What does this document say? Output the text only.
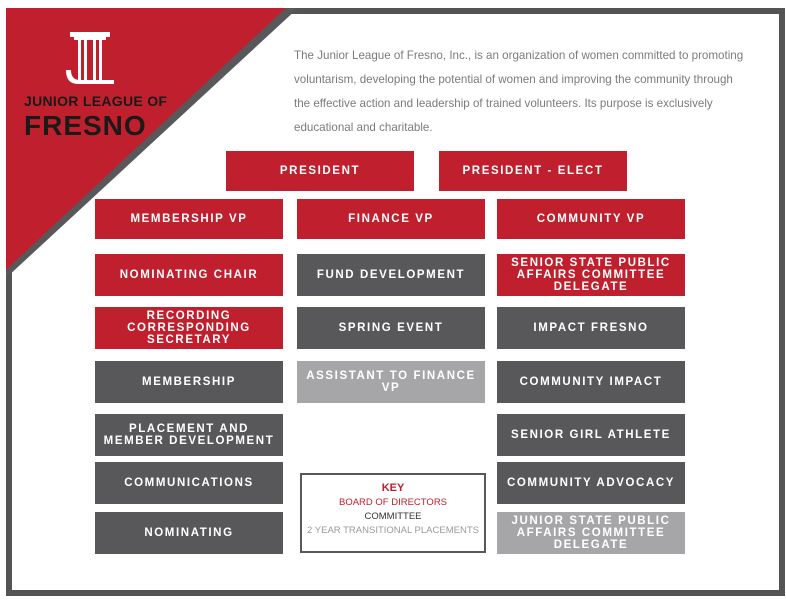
JUNIOR LEAGUE OF
FRESNO
The Junior League of Fresno, Inc., is an organization of women committed to promoting voluntarism, developing the potential of women and improving the community through the effective action and leadership of trained volunteers. Its purpose is exclusively educational and charitable.
PRESIDENT	PRESIDENT - ELECT
MEMBERSHIP VP	FINANCE VP	COMMUNITY VP
NOMINATING CHAIR	FUND DEVELOPMENT
SENIOR STATE PUBLIC AFFAIRS COMMITTEE DELEGATE
RECORDING CORRESPONDING SECRETARY
SPRING EVENT	IMPACT FRESNO
MEMBERSHIP	ASSISTANT TO FINANCE VP	COMMUNITY IMPACT
PLACEMENT AND MEMBER DEVELOPMENT	SENIOR GIRL ATHLETE
COMMUNICATIONS	COMMUNITY ADVOCACY
NOMINATING
JUNIOR STATE PUBLIC AFFAIRS COMMITTEE DELEGATE
KEY
BOARD OF DIRECTORS
COMMITTEE
2 YEAR TRANSITIONAL PLACEMENTS
